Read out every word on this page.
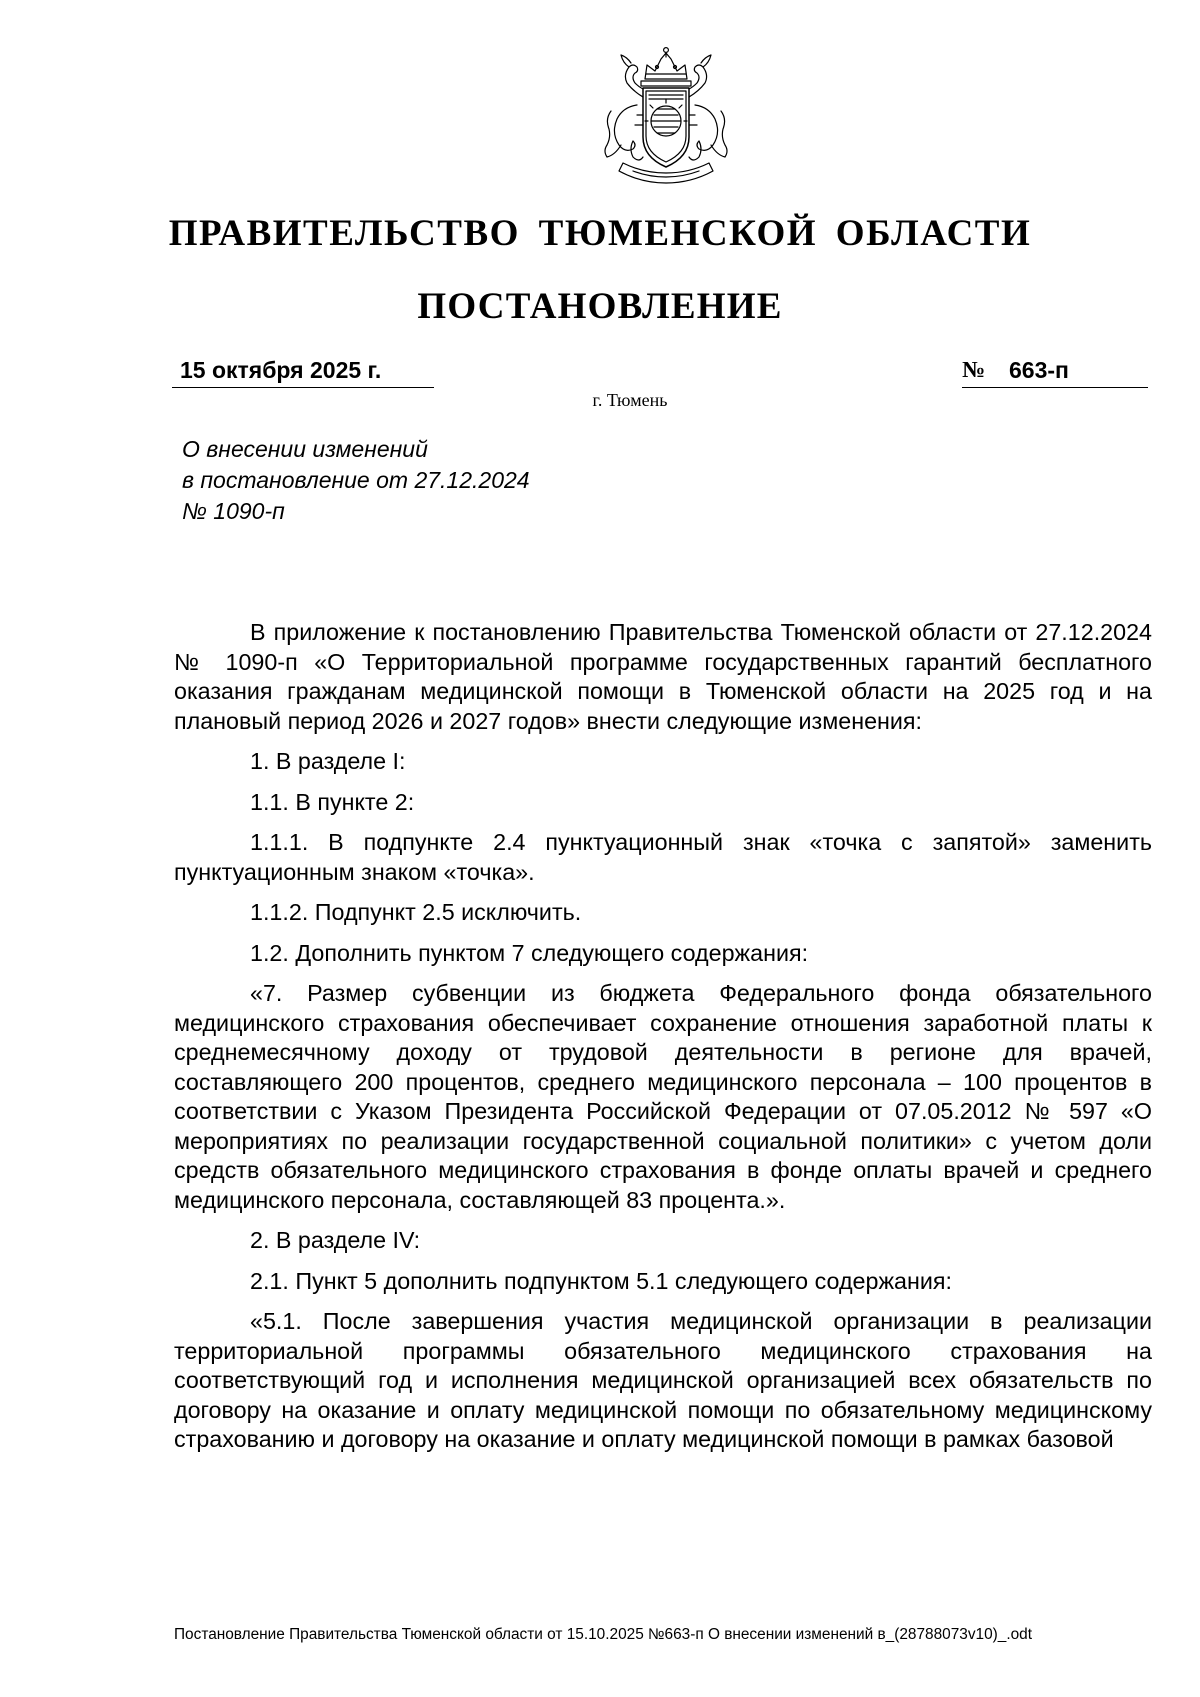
ПРАВИТЕЛЬСТВО ТЮМЕНСКОЙ ОБЛАСТИ
ПОСТАНОВЛЕНИЕ
15 октября 2025 г.	№ 663-п
г. Тюмень
О внесении изменений
в постановление от 27.12.2024
№ 1090-п

В приложение к постановлению Правительства Тюменской области от 27.12.2024 № 1090-п «О Территориальной программе государственных гарантий бесплатного оказания гражданам медицинской помощи в Тюменской области на 2025 год и на плановый период 2026 и 2027 годов» внести следующие изменения:

1. В разделе I:

1.1. В пункте 2:

1.1.1. В подпункте 2.4 пунктуационный знак «точка с запятой» заменить пунктуационным знаком «точка».

1.1.2. Подпункт 2.5 исключить.

1.2. Дополнить пунктом 7 следующего содержания:

«7. Размер субвенции из бюджета Федерального фонда обязательного медицинского страхования обеспечивает сохранение отношения заработной платы к среднемесячному доходу от трудовой деятельности в регионе для врачей, составляющего 200 процентов, среднего медицинского персонала – 100 процентов в соответствии с Указом Президента Российской Федерации от 07.05.2012 № 597 «О мероприятиях по реализации государственной социальной политики» с учетом доли средств обязательного медицинского страхования в фонде оплаты врачей и среднего медицинского персонала, составляющей 83 процента.».

2. В разделе IV:

2.1. Пункт 5 дополнить подпунктом 5.1 следующего содержания:

«5.1. После завершения участия медицинской организации в реализации территориальной программы обязательного медицинского страхования на соответствующий год и исполнения медицинской организацией всех обязательств по договору на оказание и оплату медицинской помощи по обязательному медицинскому страхованию и договору на оказание и оплату медицинской помощи в рамках базовой

Постановление Правительства Тюменской области от 15.10.2025 №663-п О внесении изменений в_(28788073v10)_.odt
